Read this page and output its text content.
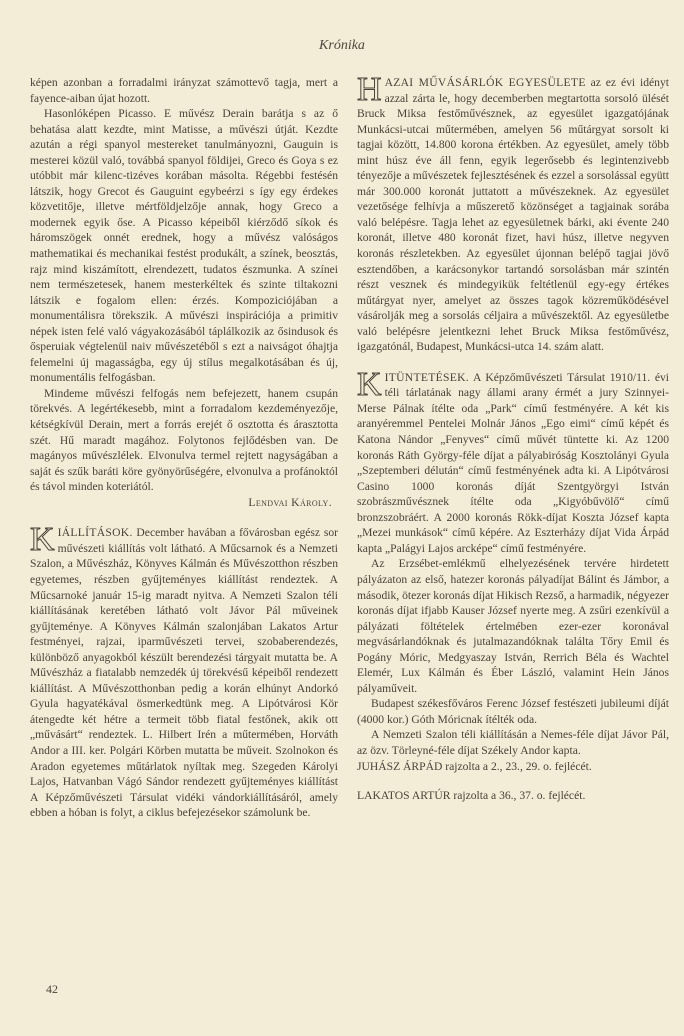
Krónika

képen azonban a forradalmi irányzat számottevő tagja, mert a fayence-aiban újat hozott.

Hasonlóképen Picasso. E művész Derain barátja s az ő behatása alatt kezdte, mint Matisse, a művészi útját. Kezdte azután a régi spanyol mestereket tanulmányozni, Gauguin is mesterei közül való, továbbá spanyol földijei, Greco és Goya s ez utóbbit már kilenc-tizéves korában másolta. Régebbi festésén látszik, hogy Grecot és Gauguint egybeérzi s így egy érdekes közvetitője, illetve mértföldjelzője annak, hogy Greco a modernek egyik őse. A Picasso képeiből kiérződő síkok és háromszögek onnét erednek, hogy a művész valóságos mathematikai és mechanikai festést produkált, a színek, beosztás, rajz mind kiszámított, elrendezett, tudatos észmunka. A színei nem természetesek, hanem mesterkéltek és szinte tiltakozni látszik e fogalom ellen: érzés. Kompoziciójában a monumentálisra törekszik. A művészi inspirációja a primitiv népek isten felé való vágyakozásából táplálkozik az ősindusok és ősperuiak végtelenül naiv művészetéből s ezt a naivságot óhajtja felemelni új magasságba, egy új stílus megalkotásában és új, monumentális felfogásban.

Mindeme művészi felfogás nem befejezett, hanem csupán törekvés. A legértékesebb, mint a forradalom kezdeményezője, kétségkívül Derain, mert a forrás erejét ő osztotta és árasztotta szét. Hű maradt magához. Folytonos fejlődésben van. De magányos művészlélek. Elvonulva termel rejtett nagyságában a saját és szűk baráti köre gyönyörűségére, elvonulva a profánoktól és távol minden koteriától.

Lendvai Károly.

KIÁLLÍTÁSOK. December havában a fővárosban egész sor művészeti kiállítás volt látható. A Műcsarnok és a Nemzeti Szalon, a Művészház, Könyves Kálmán és Művészotthon részben egyetemes, részben gyűjteményes kiállítást rendeztek. A Műcsarnoké január 15-ig maradt nyitva. A Nemzeti Szalon téli kiállításának keretében látható volt Jávor Pál műveinek gyűjteménye. A Könyves Kálmán szalonjában Lakatos Artur festményei, rajzai, iparművészeti tervei, szobaberendezés, különböző anyagokból készült berendezési tárgyait mutatta be. A Művészház a fiatalabb nemzedék új törekvésű képeiből rendezett kiállítást. A Művészotthonban pedig a korán elhúnyt Andorkó Gyula hagyatékával ösmerkedtünk meg. A Lipótvárosi Kör átengedte két hétre a termeit több fiatal festőnek, akik ott „művásárt“ rendeztek. L. Hilbert Irén a műtermében, Horváth Andor a III. ker. Polgári Körben mutatta be műveit. Szolnokon és Aradon egyetemes műtárlatok nyíltak meg. Szegeden Károlyi Lajos, Hatvanban Vágó Sándor rendezett gyűjteményes kiállítást A Képzőművészeti Társulat vidéki vándorkiállításáról, amely ebben a hóban is folyt, a ciklus befejezésekor számolunk be.

42

HAZAI MŰVÁSÁRLÓK EGYESÜLETE az ez évi idényt azzal zárta le, hogy decemberben megtartotta sorsoló ülését Bruck Miksa festőművésznek, az egyesület igazgatójának Munkácsi-utcai műtermében, amelyen 56 műtárgyat sorsolt ki tagjai között, 14.800 korona értékben. Az egyesület, amely több mint húsz éve áll fenn, egyik legerősebb és legintenzivebb tényezője a művészetek fejlesztésének és ezzel a sorsolással együtt már 300.000 koronát juttatott a művészeknek. Az egyesület vezetősége felhívja a műszerető közönséget a tagjainak sorába való belépésre. Tagja lehet az egyesületnek bárki, aki évente 240 koronát, illetve 480 koronát fizet, havi húsz, illetve negyven koronás részletekben. Az egyesület újonnan belépő tagjai jövő esztendőben, a karácsonykor tartandó sorsolásban már szintén részt vesznek és mindegyikük feltétlenül egy-egy értékes műtárgyat nyer, amelyet az összes tagok közreműködésével vásárolják meg a sorsolás céljaira a művészektől. Az egyesületbe való belépésre jelentkezni lehet Bruck Miksa festőművész, igazgatónál, Budapest, Munkácsi-utca 14. szám alatt.

KITÜNTETÉSEK. A Képzőművészeti Társulat 1910/11. évi téli tárlatának nagy állami arany érmét a jury Szinnyei-Merse Pálnak ítélte oda „Park“ című festményére. A két kis aranyéremmel Pentelei Molnár János „Ego eimi“ című képét és Katona Nándor „Fenyves“ című művét tüntette ki. Az 1200 koronás Ráth György-féle díjat a pályabiróság Kosztolányi Gyula „Szeptemberi délután“ című festményének adta ki. A Lipótvárosi Casino 1000 koronás díját Szentgyörgyi István szobrászművésznek ítélte oda „Kigyóbűvölő“ című bronzszobráért. A 2000 koronás Rökk-díjat Koszta József kapta „Mezei munkások“ című képére. Az Eszterházy díjat Vida Árpád kapta „Palágyi Lajos arcképe“ című festményére.

Az Erzsébet-emlékmű elhelyezésének tervére hirdetett pályázaton az első, hatezer koronás pályadíjat Bálint és Jámbor, a második, ötezer koronás díjat Hikisch Rezső, a harmadik, négyezer koronás díjat ifjabb Kauser József nyerte meg. A zsűri ezenkívül a pályázati föltételek értelmében ezer-ezer koronával megvásárlandóknak és jutalmazandóknak találta Tőry Emil és Pogány Móric, Medgyaszay István, Rerrich Béla és Wachtel Elemér, Lux Kálmán és Éber László, valamint Hein János pályaműveit.

Budapest székesfőváros Ferenc József festészeti jubileumi díját (4000 kor.) Góth Móricnak ítélték oda.

A Nemzeti Szalon téli kiállításán a Nemes-féle díjat Jávor Pál, az özv. Törleyné-féle díjat Székely Andor kapta.

JUHÁSZ ÁRPÁD rajzolta a 2., 23., 29. o. fejlécét.

LAKATOS ARTÚR rajzolta a 36., 37. o. fejlécét.
